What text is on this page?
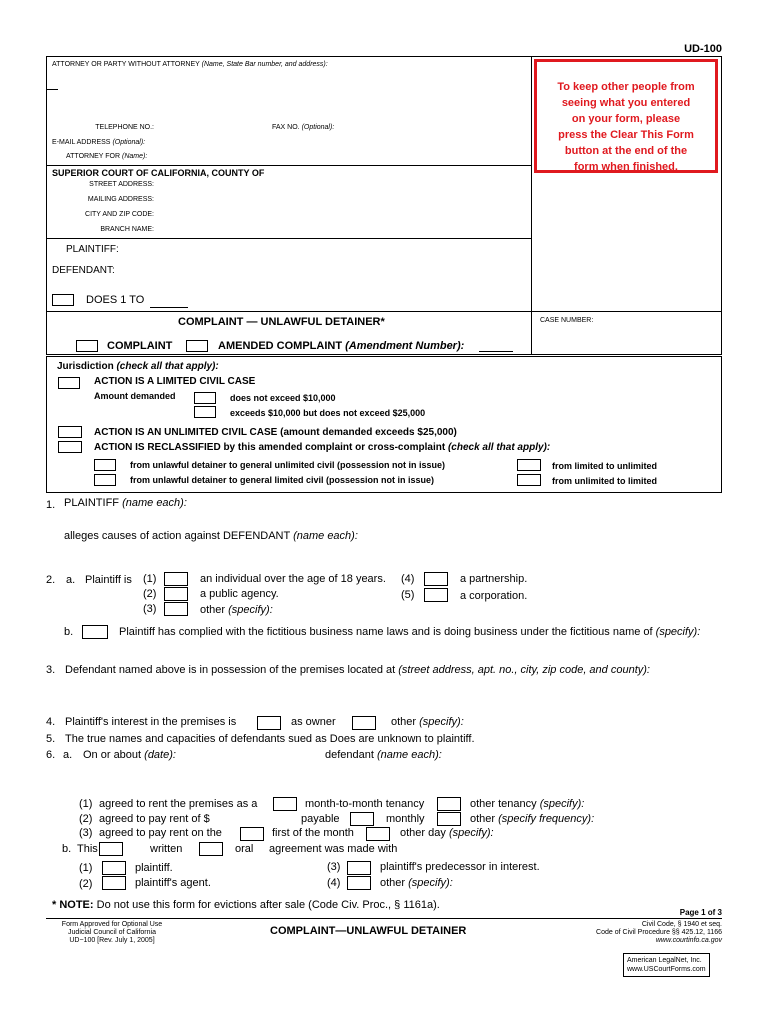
UD-100
ATTORNEY OR PARTY WITHOUT ATTORNEY (Name, State Bar number, and address):
TELEPHONE NO.:	FAX NO. (Optional):
E-MAIL ADDRESS (Optional):
ATTORNEY FOR (Name):
SUPERIOR COURT OF CALIFORNIA, COUNTY OF
STREET ADDRESS:
MAILING ADDRESS:
CITY AND ZIP CODE:
BRANCH NAME:
PLAINTIFF:
DEFENDANT:
DOES 1 TO
To keep other people from
seeing what you entered
on your form, please
press the Clear This Form
button at the end of the
form when finished.
COMPLAINT — UNLAWFUL DETAINER*
COMPLAINT	AMENDED COMPLAINT (Amendment Number):
CASE NUMBER:
Jurisdiction (check all that apply):
ACTION IS A LIMITED CIVIL CASE
Amount demanded	does not exceed $10,000
exceeds $10,000 but does not exceed $25,000
ACTION IS AN UNLIMITED CIVIL CASE (amount demanded exceeds $25,000)
ACTION IS RECLASSIFIED by this amended complaint or cross-complaint (check all that apply):
from unlawful detainer to general unlimited civil (possession not in issue)
from unlawful detainer to general limited civil (possession not in issue)
from limited to unlimited
from unlimited to limited
1. PLAINTIFF (name each):
alleges causes of action against DEFENDANT (name each):
2. a. Plaintiff is (1)	an individual over the age of 18 years.
(2)	a public agency.
(3)	other (specify):
(4)	a partnership.
(5)	a corporation.
b.	Plaintiff has complied with the fictitious business name laws and is doing business under the fictitious name of (specify):
3. Defendant named above is in possession of the premises located at (street address, apt. no., city, zip code, and county):
4. Plaintiff's interest in the premises is	as owner	other (specify):
5. The true names and capacities of defendants sued as Does are unknown to plaintiff.
6. a. On or about (date):	defendant (name each):
(1) agreed to rent the premises as a	month-to-month tenancy	other tenancy (specify):
(2) agreed to pay rent of $	payable	monthly	other (specify frequency):
(3) agreed to pay rent on the	first of the month	other day (specify):
b. This	written	oral agreement was made with
(1)	plaintiff.
(2)	plaintiff's agent.
(3)	plaintiff's predecessor in interest.
(4)	other (specify):
* NOTE: Do not use this form for evictions after sale (Code Civ. Proc., § 1161a).
Page 1 of 3
Form Approved for Optional Use
Judicial Council of California
UD−100 [Rev. July 1, 2005]
COMPLAINT—UNLAWFUL DETAINER
Civil Code, § 1940 et seq.
Code of Civil Procedure §§ 425.12, 1166
www.courtinfo.ca.gov
American LegalNet, Inc.
www.USCourtForms.com
